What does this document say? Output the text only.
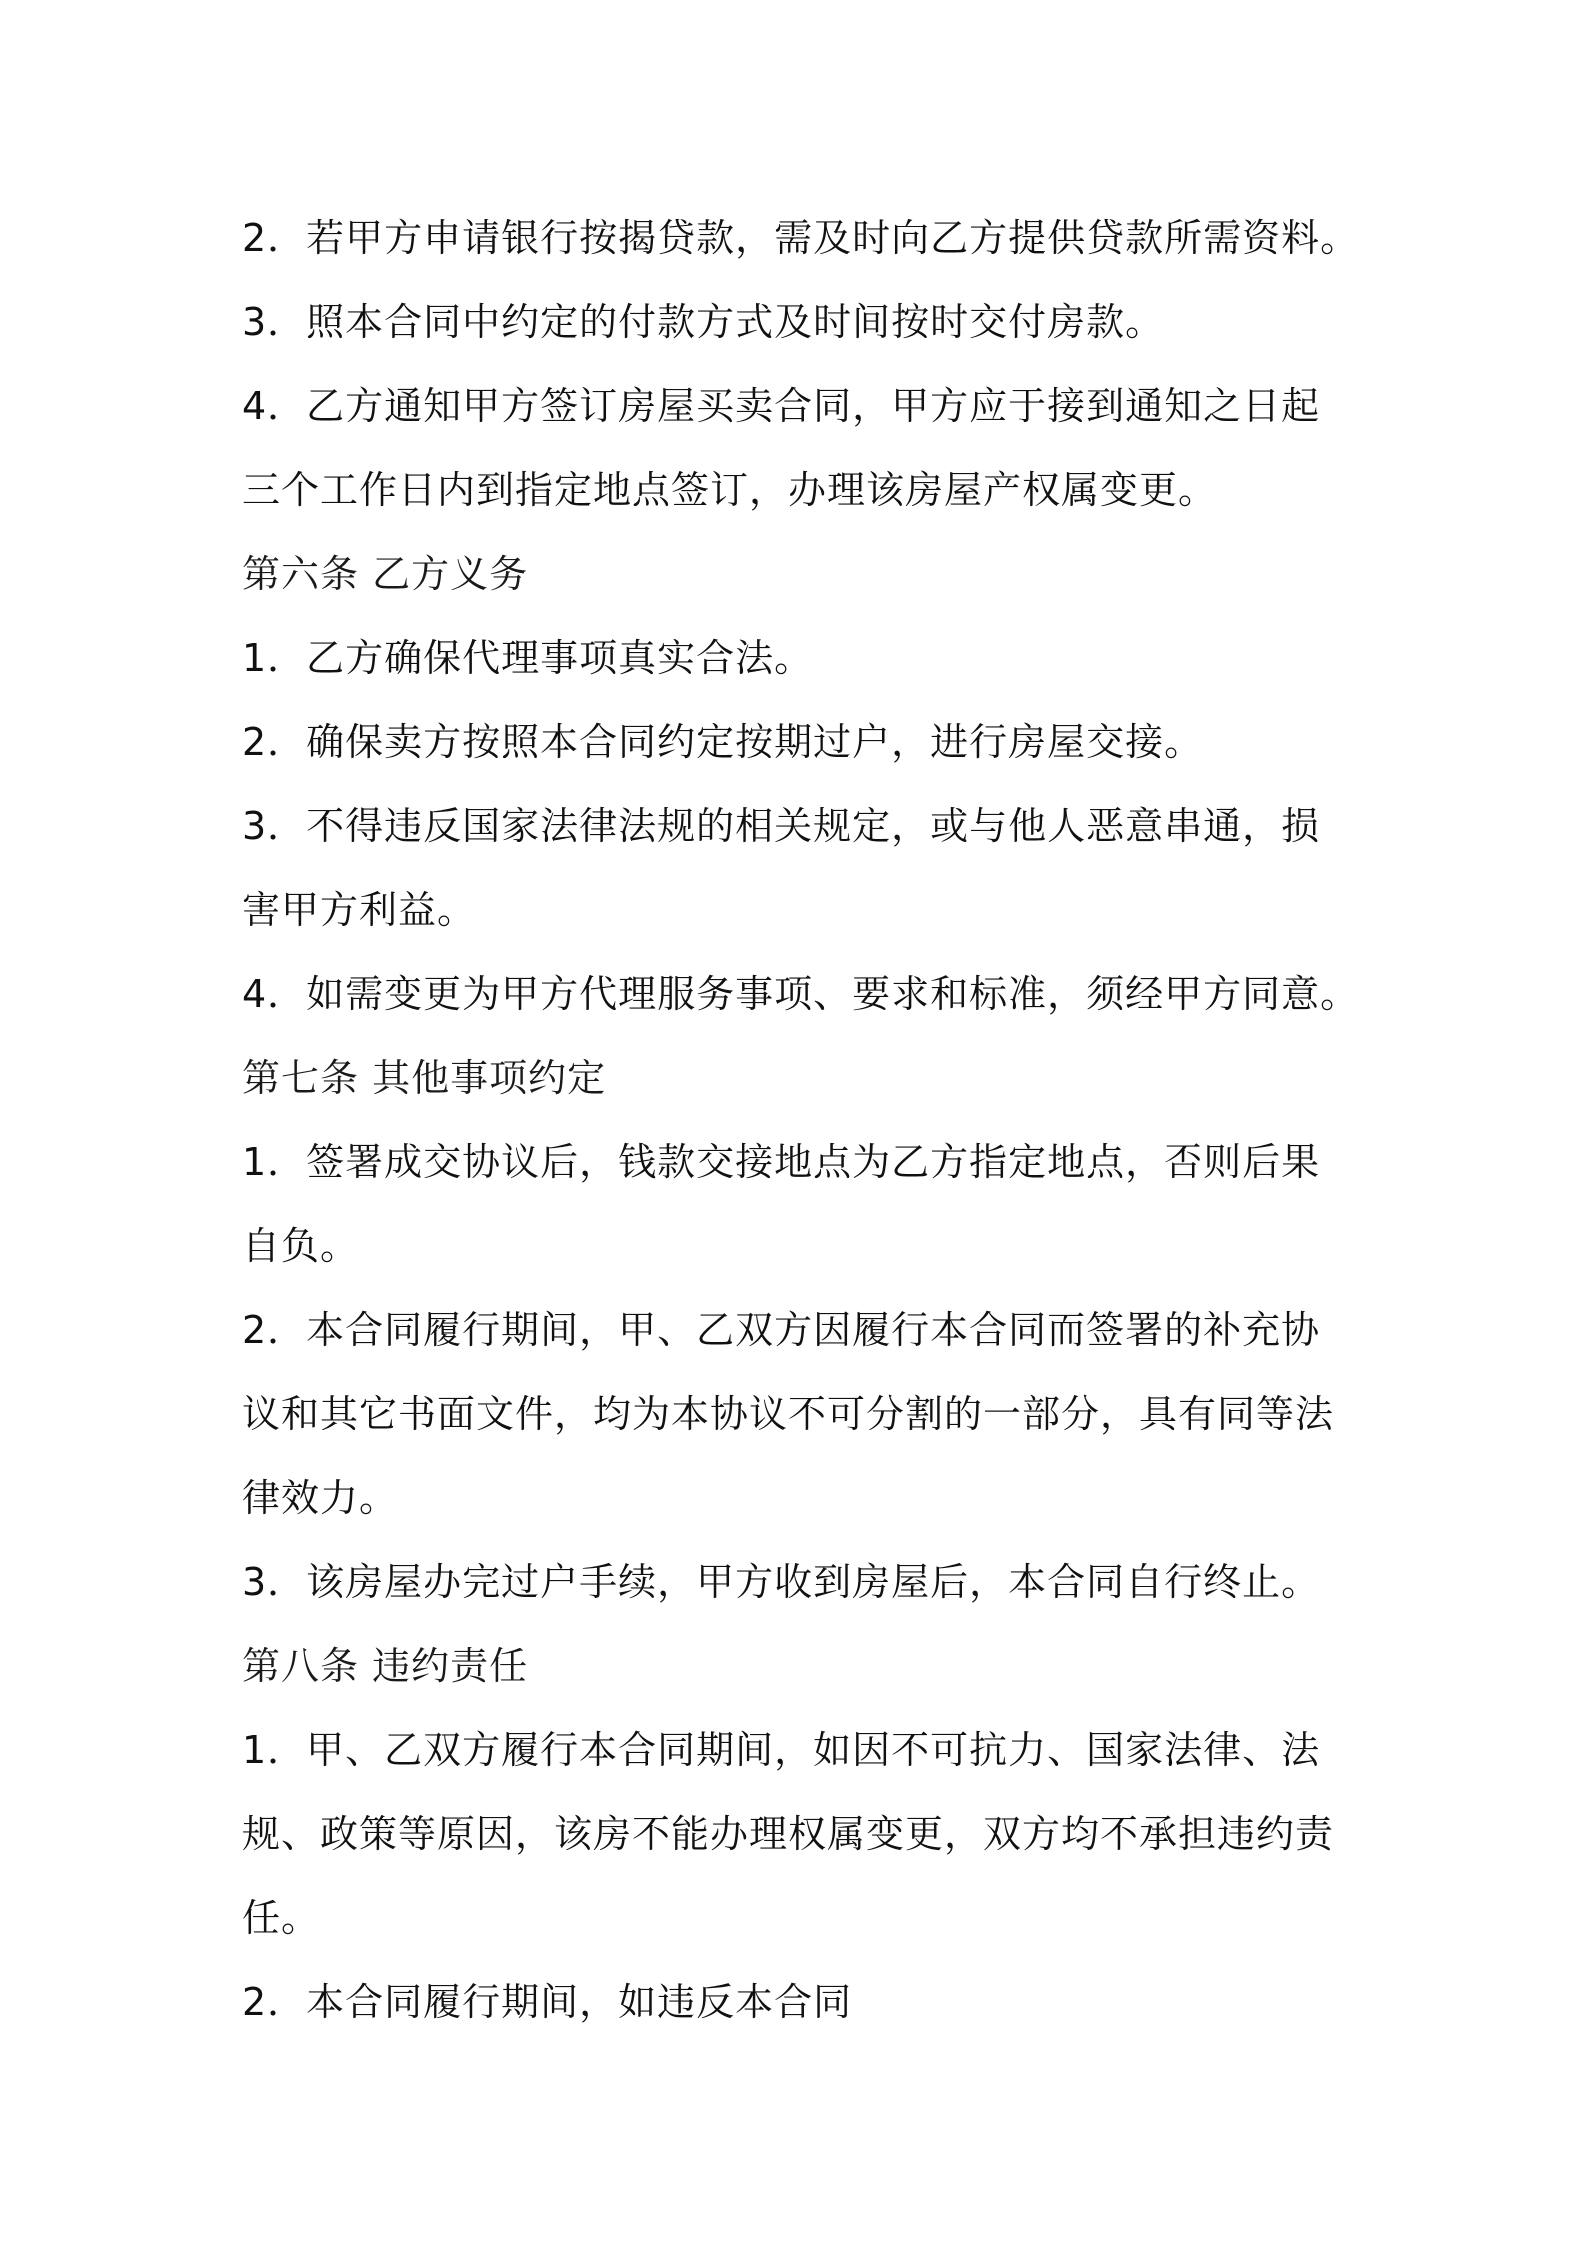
2．若甲方申请银行按揭贷款，需及时向乙方提供贷款所需资料。
3．照本合同中约定的付款方式及时间按时交付房款。
4．乙方通知甲方签订房屋买卖合同，甲方应于接到通知之日起
三个工作日内到指定地点签订，办理该房屋产权属变更。
第六条 乙方义务
1．乙方确保代理事项真实合法。
2．确保卖方按照本合同约定按期过户，进行房屋交接。
3．不得违反国家法律法规的相关规定，或与他人恶意串通，损
害甲方利益。
4．如需变更为甲方代理服务事项、要求和标准，须经甲方同意。
第七条 其他事项约定
1．签署成交协议后，钱款交接地点为乙方指定地点，否则后果
自负。
2．本合同履行期间，甲、乙双方因履行本合同而签署的补充协
议和其它书面文件，均为本协议不可分割的一部分，具有同等法
律效力。
3．该房屋办完过户手续，甲方收到房屋后，本合同自行终止。
第八条 违约责任
1．甲、乙双方履行本合同期间，如因不可抗力、国家法律、法
规、政策等原因，该房不能办理权属变更，双方均不承担违约责
任。
2．本合同履行期间，如违反本合同
